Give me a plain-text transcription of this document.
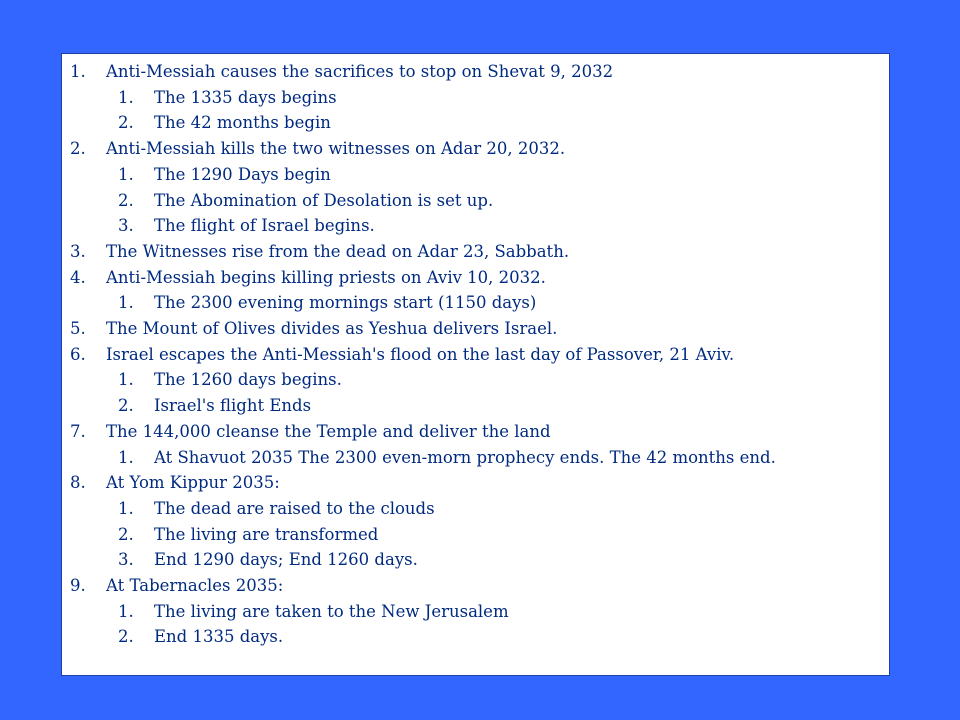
1. Anti-Messiah causes the sacrifices to stop on Shevat 9, 2032
1. The 1335 days begins
2. The 42 months begin
2. Anti-Messiah kills the two witnesses on Adar 20, 2032.
1. The 1290 Days begin
2. The Abomination of Desolation is set up.
3. The flight of Israel begins.
3. The Witnesses rise from the dead on Adar 23, Sabbath.
4. Anti-Messiah begins killing priests on Aviv 10, 2032.
1. The 2300 evening mornings start (1150 days)
5. The Mount of Olives divides as Yeshua delivers Israel.
6. Israel escapes the Anti-Messiah's flood on the last day of Passover, 21 Aviv.
1. The 1260 days begins.
2. Israel's flight Ends
7. The 144,000 cleanse the Temple and deliver the land
1. At Shavuot 2035 The 2300 even-morn prophecy ends. The 42 months end.
8. At Yom Kippur 2035:
1. The dead are raised to the clouds
2. The living are transformed
3. End 1290 days; End 1260 days.
9. At Tabernacles 2035:
1. The living are taken to the New Jerusalem
2. End 1335 days.
